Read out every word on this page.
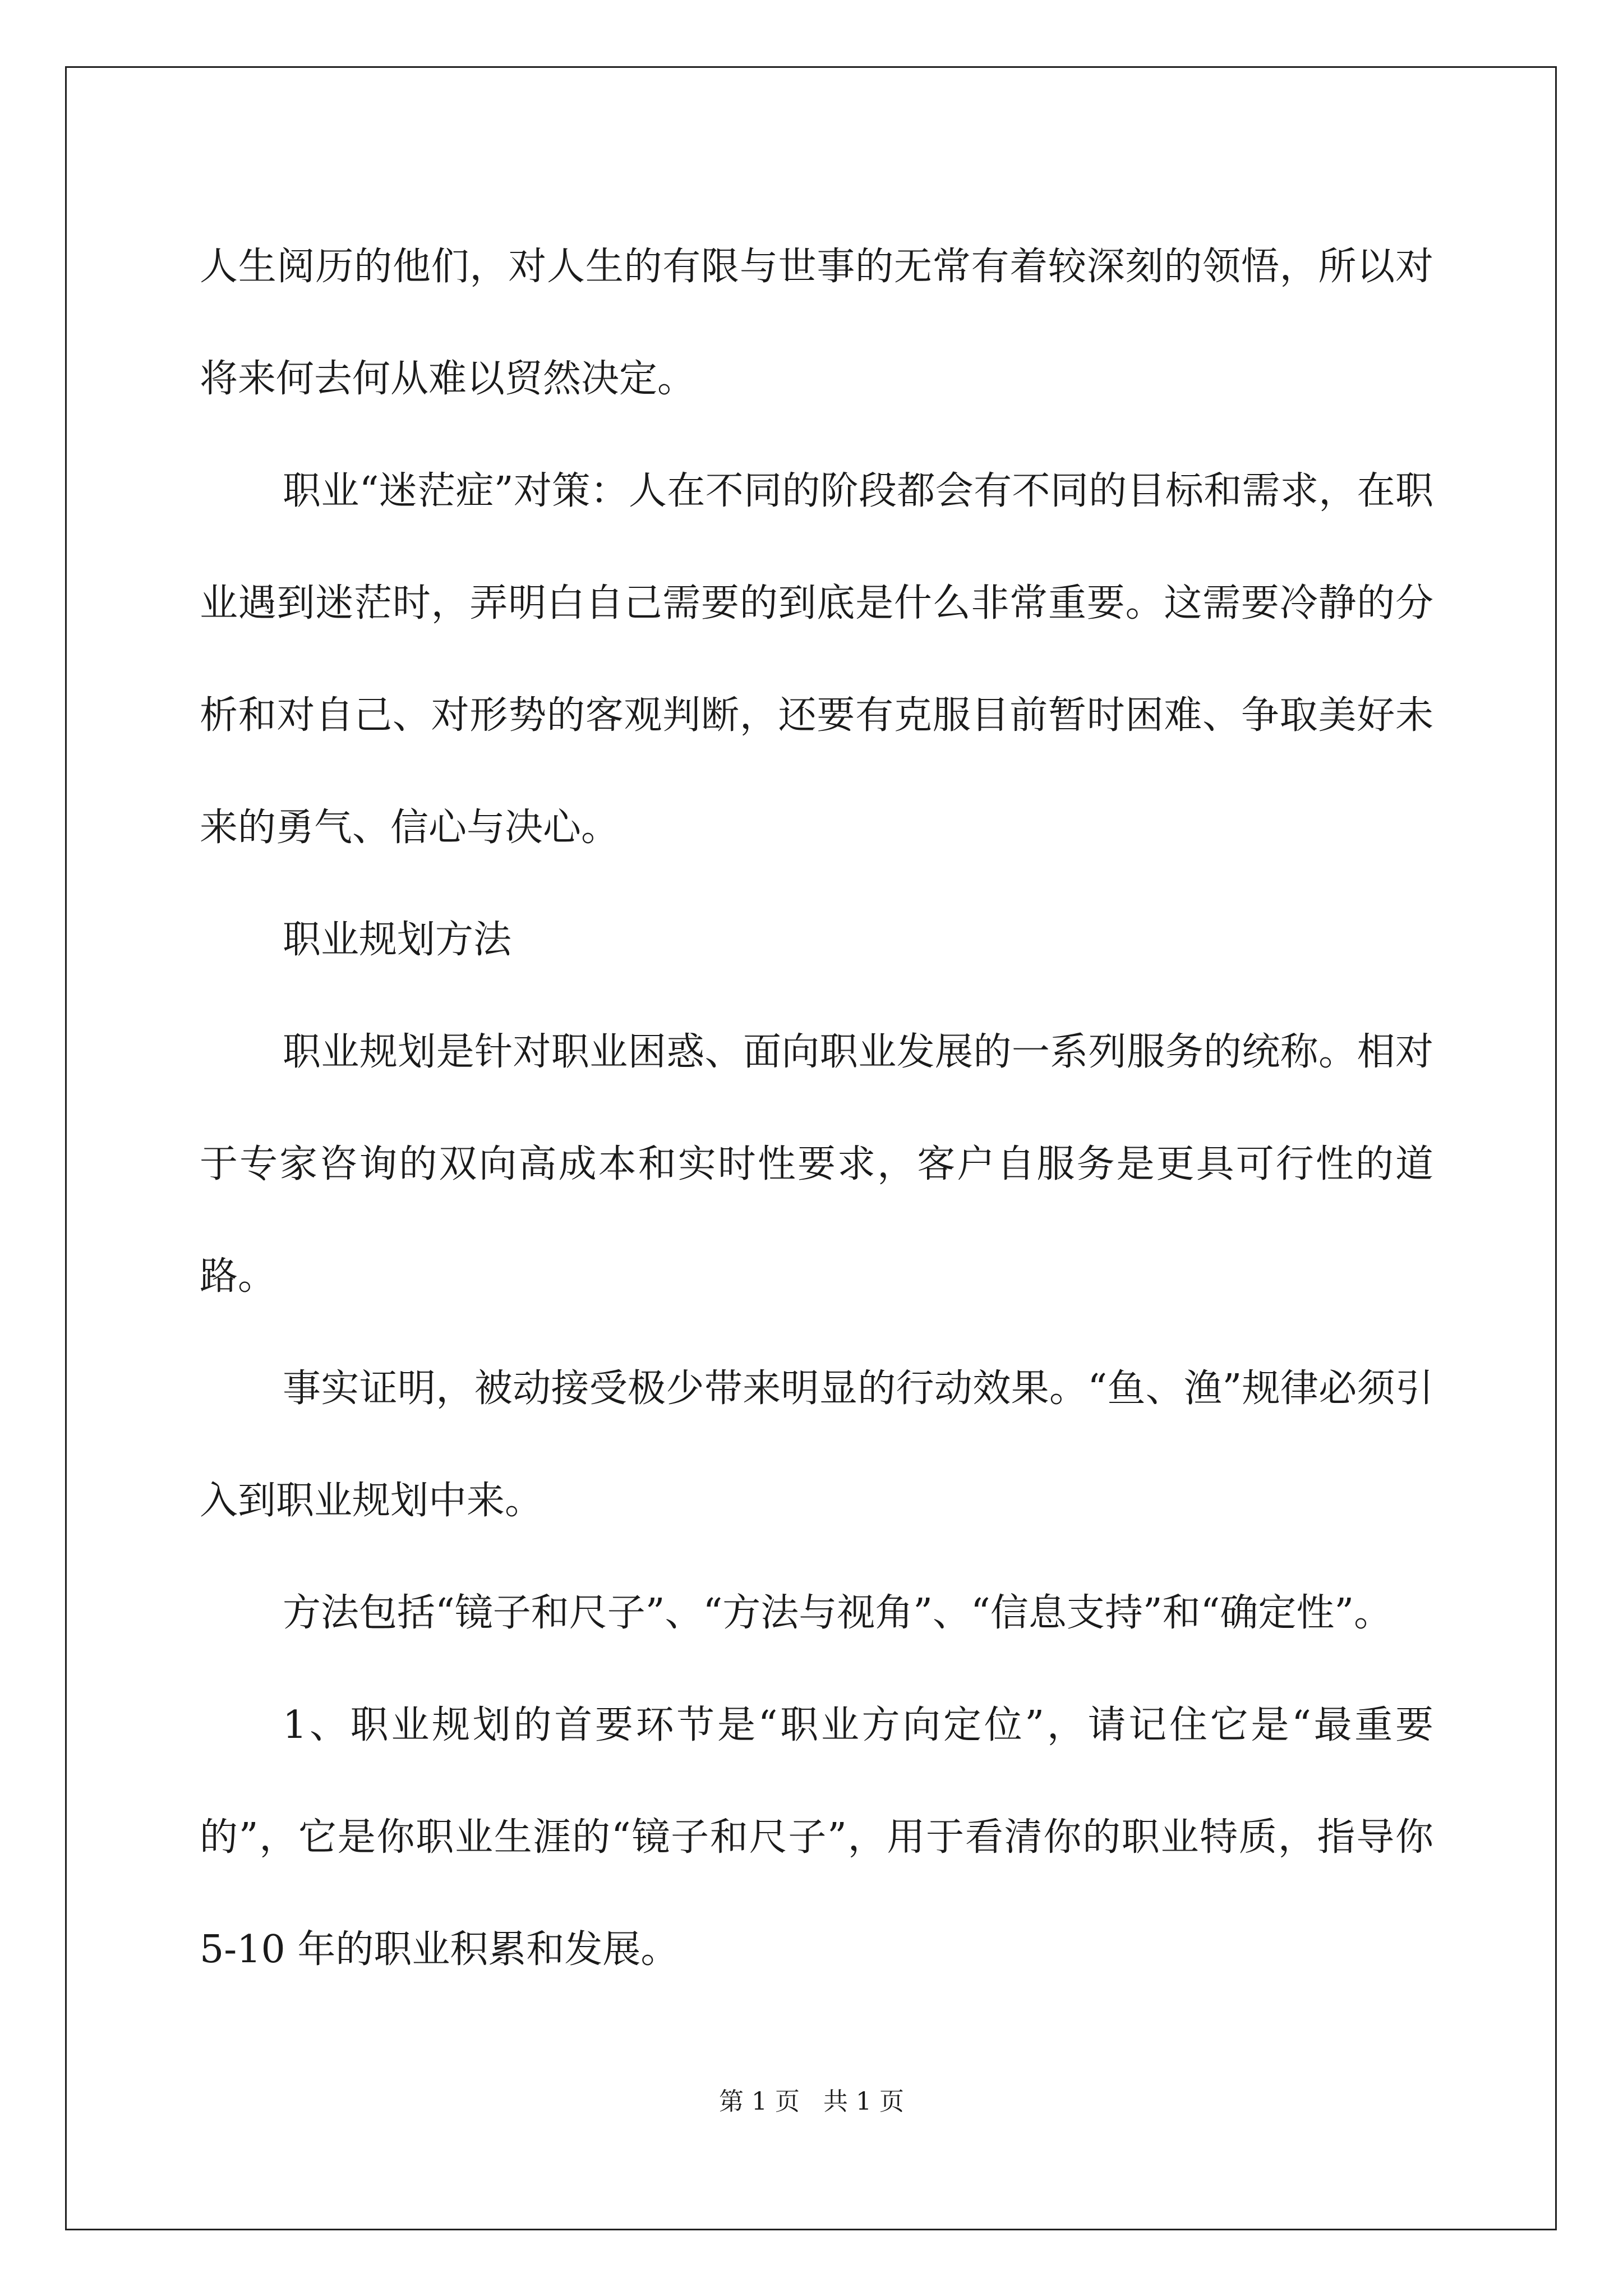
人生阅历的他们，对人生的有限与世事的无常有着较深刻的领悟，所以对将来何去何从难以贸然决定。

职业“迷茫症”对策：人在不同的阶段都会有不同的目标和需求，在职业遇到迷茫时，弄明白自己需要的到底是什么非常重要。这需要冷静的分析和对自己、对形势的客观判断，还要有克服目前暂时困难、争取美好未来的勇气、信心与决心。

职业规划方法

职业规划是针对职业困惑、面向职业发展的一系列服务的统称。相对于专家咨询的双向高成本和实时性要求，客户自服务是更具可行性的道路。

事实证明，被动接受极少带来明显的行动效果。“鱼、渔”规律必须引入到职业规划中来。

方法包括“镜子和尺子”、“方法与视角”、“信息支持”和“确定性”。

1、职业规划的首要环节是“职业方向定位”，请记住它是“最重要的”，它是你职业生涯的“镜子和尺子”，用于看清你的职业特质，指导你 5-10 年的职业积累和发展。

第 1 页   共 1 页
